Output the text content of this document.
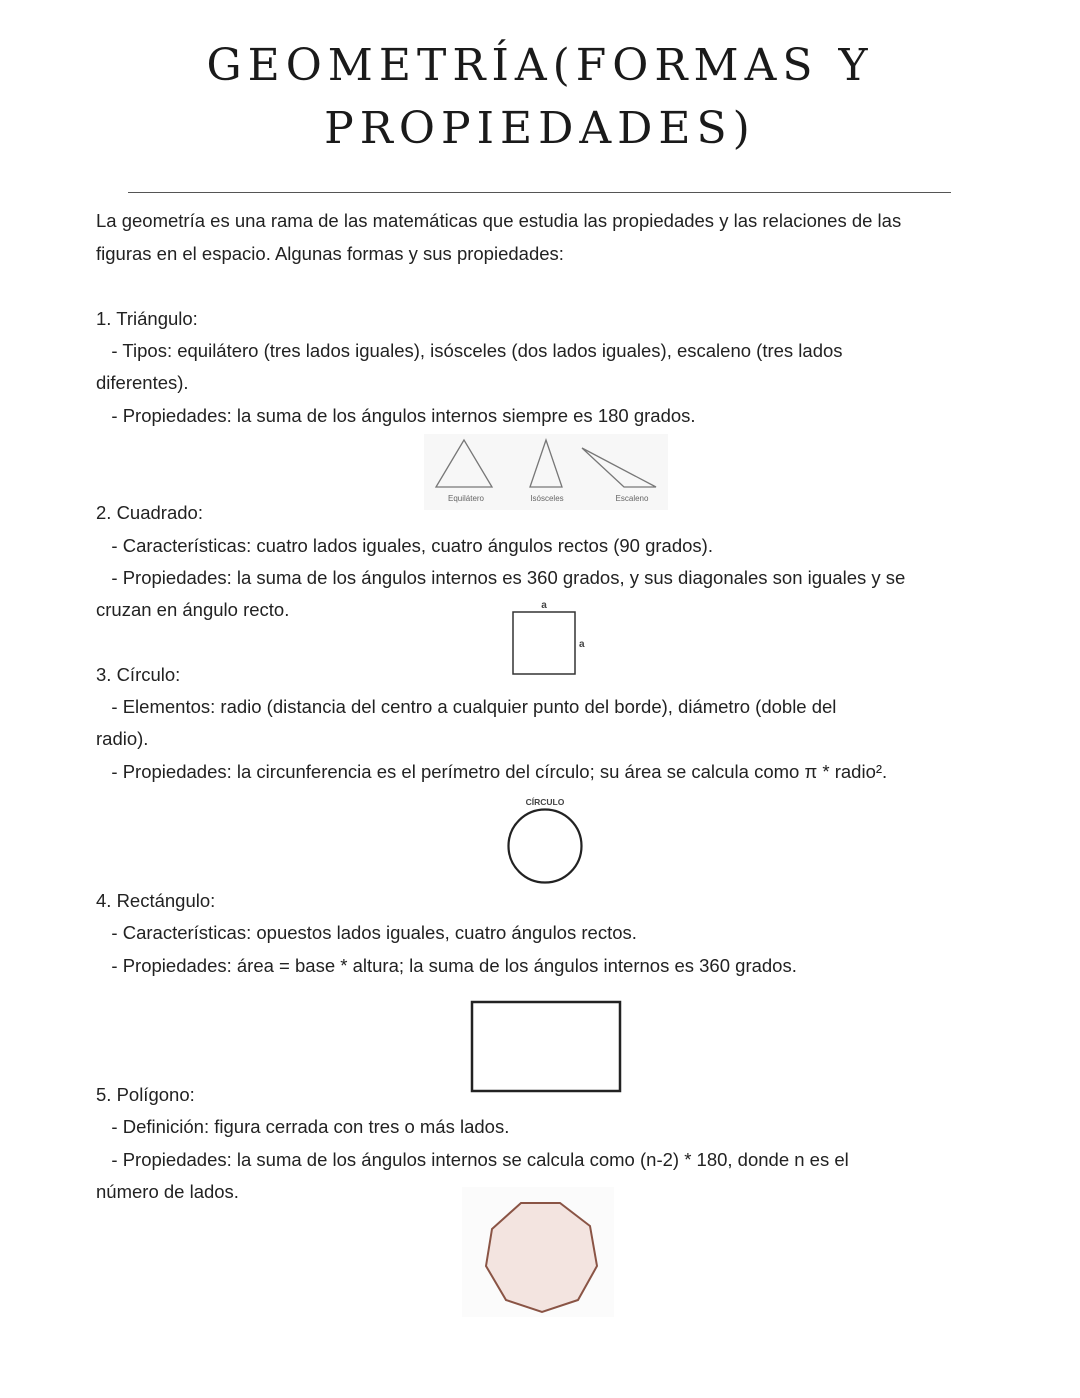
GEOMETRÍA(FORMAS Y
PROPIEDADES)
La geometría es una rama de las matemáticas que estudia las propiedades y las relaciones de las
figuras en el espacio. Algunas formas y sus propiedades:
1. Triángulo:
- Tipos: equilátero (tres lados iguales), isósceles (dos lados iguales), escaleno (tres lados
diferentes).
- Propiedades: la suma de los ángulos internos siempre es 180 grados.
Equilátero	Isósceles	Escaleno
2. Cuadrado:
- Características: cuatro lados iguales, cuatro ángulos rectos (90 grados).
- Propiedades: la suma de los ángulos internos es 360 grados, y sus diagonales son iguales y se
cruzan en ángulo recto.	a
a
3. Círculo:
- Elementos: radio (distancia del centro a cualquier punto del borde), diámetro (doble del
radio).
- Propiedades: la circunferencia es el perímetro del círculo; su área se calcula como π * radio².
CÍRCULO
4. Rectángulo:
- Características: opuestos lados iguales, cuatro ángulos rectos.
- Propiedades: área = base * altura; la suma de los ángulos internos es 360 grados.
5. Polígono:
- Definición: figura cerrada con tres o más lados.
- Propiedades: la suma de los ángulos internos se calcula como (n-2) * 180, donde n es el
número de lados.
